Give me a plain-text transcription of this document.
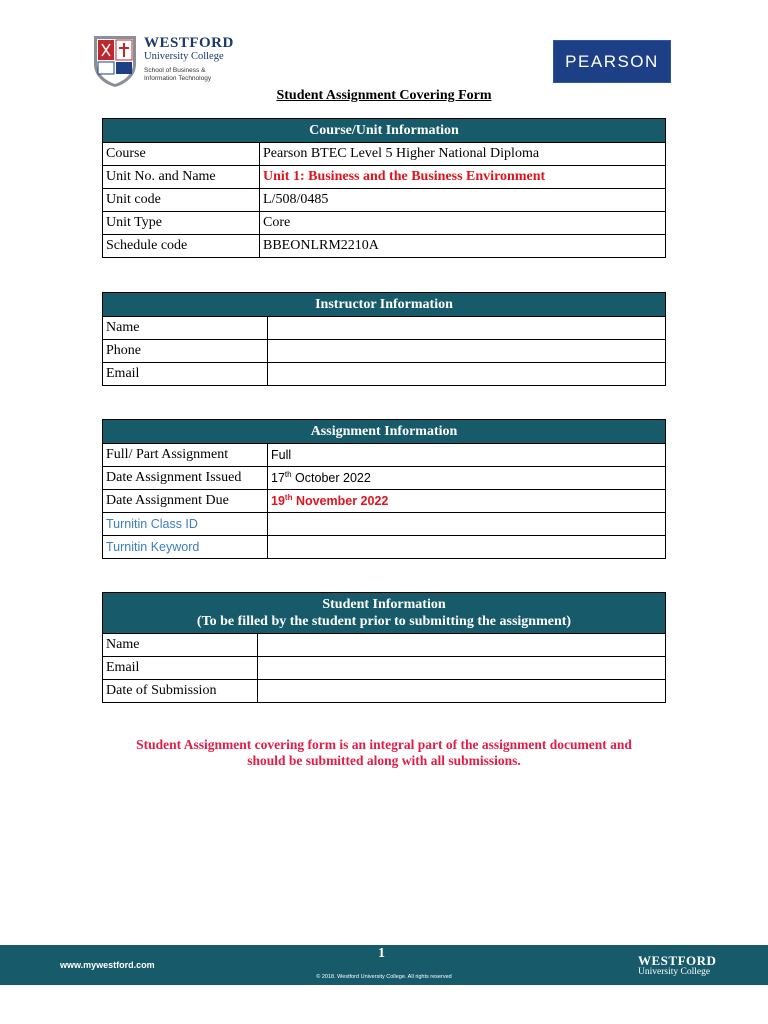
WESTFORD
University College
School of Business & Information Technology
PEARSON
Student Assignment Covering Form
Course/Unit Information	
Course	Pearson BTEC Level 5 Higher National Diploma
Unit No. and Name	Unit 1: Business and the Business Environment
Unit code	L/508/0485
Unit Type	Core
Schedule code	BBEONLRM2210A
Instructor Information	
Name	
Phone	
Email	
Assignment Information	
Full/ Part Assignment	Full
Date Assignment Issued	17th October 2022
Date Assignment Due	19th November 2022
Turnitin Class ID	
Turnitin Keyword	
Student Information
(To be filled by the student prior to submitting the assignment)	

Name	
Email	
Date of Submission	
Student Assignment covering form is an integral part of the assignment document and
should be submitted along with all submissions.
www.mywestford.com
1
© 2018. Westford University College. All rights reserved
WESTFORD
University College
